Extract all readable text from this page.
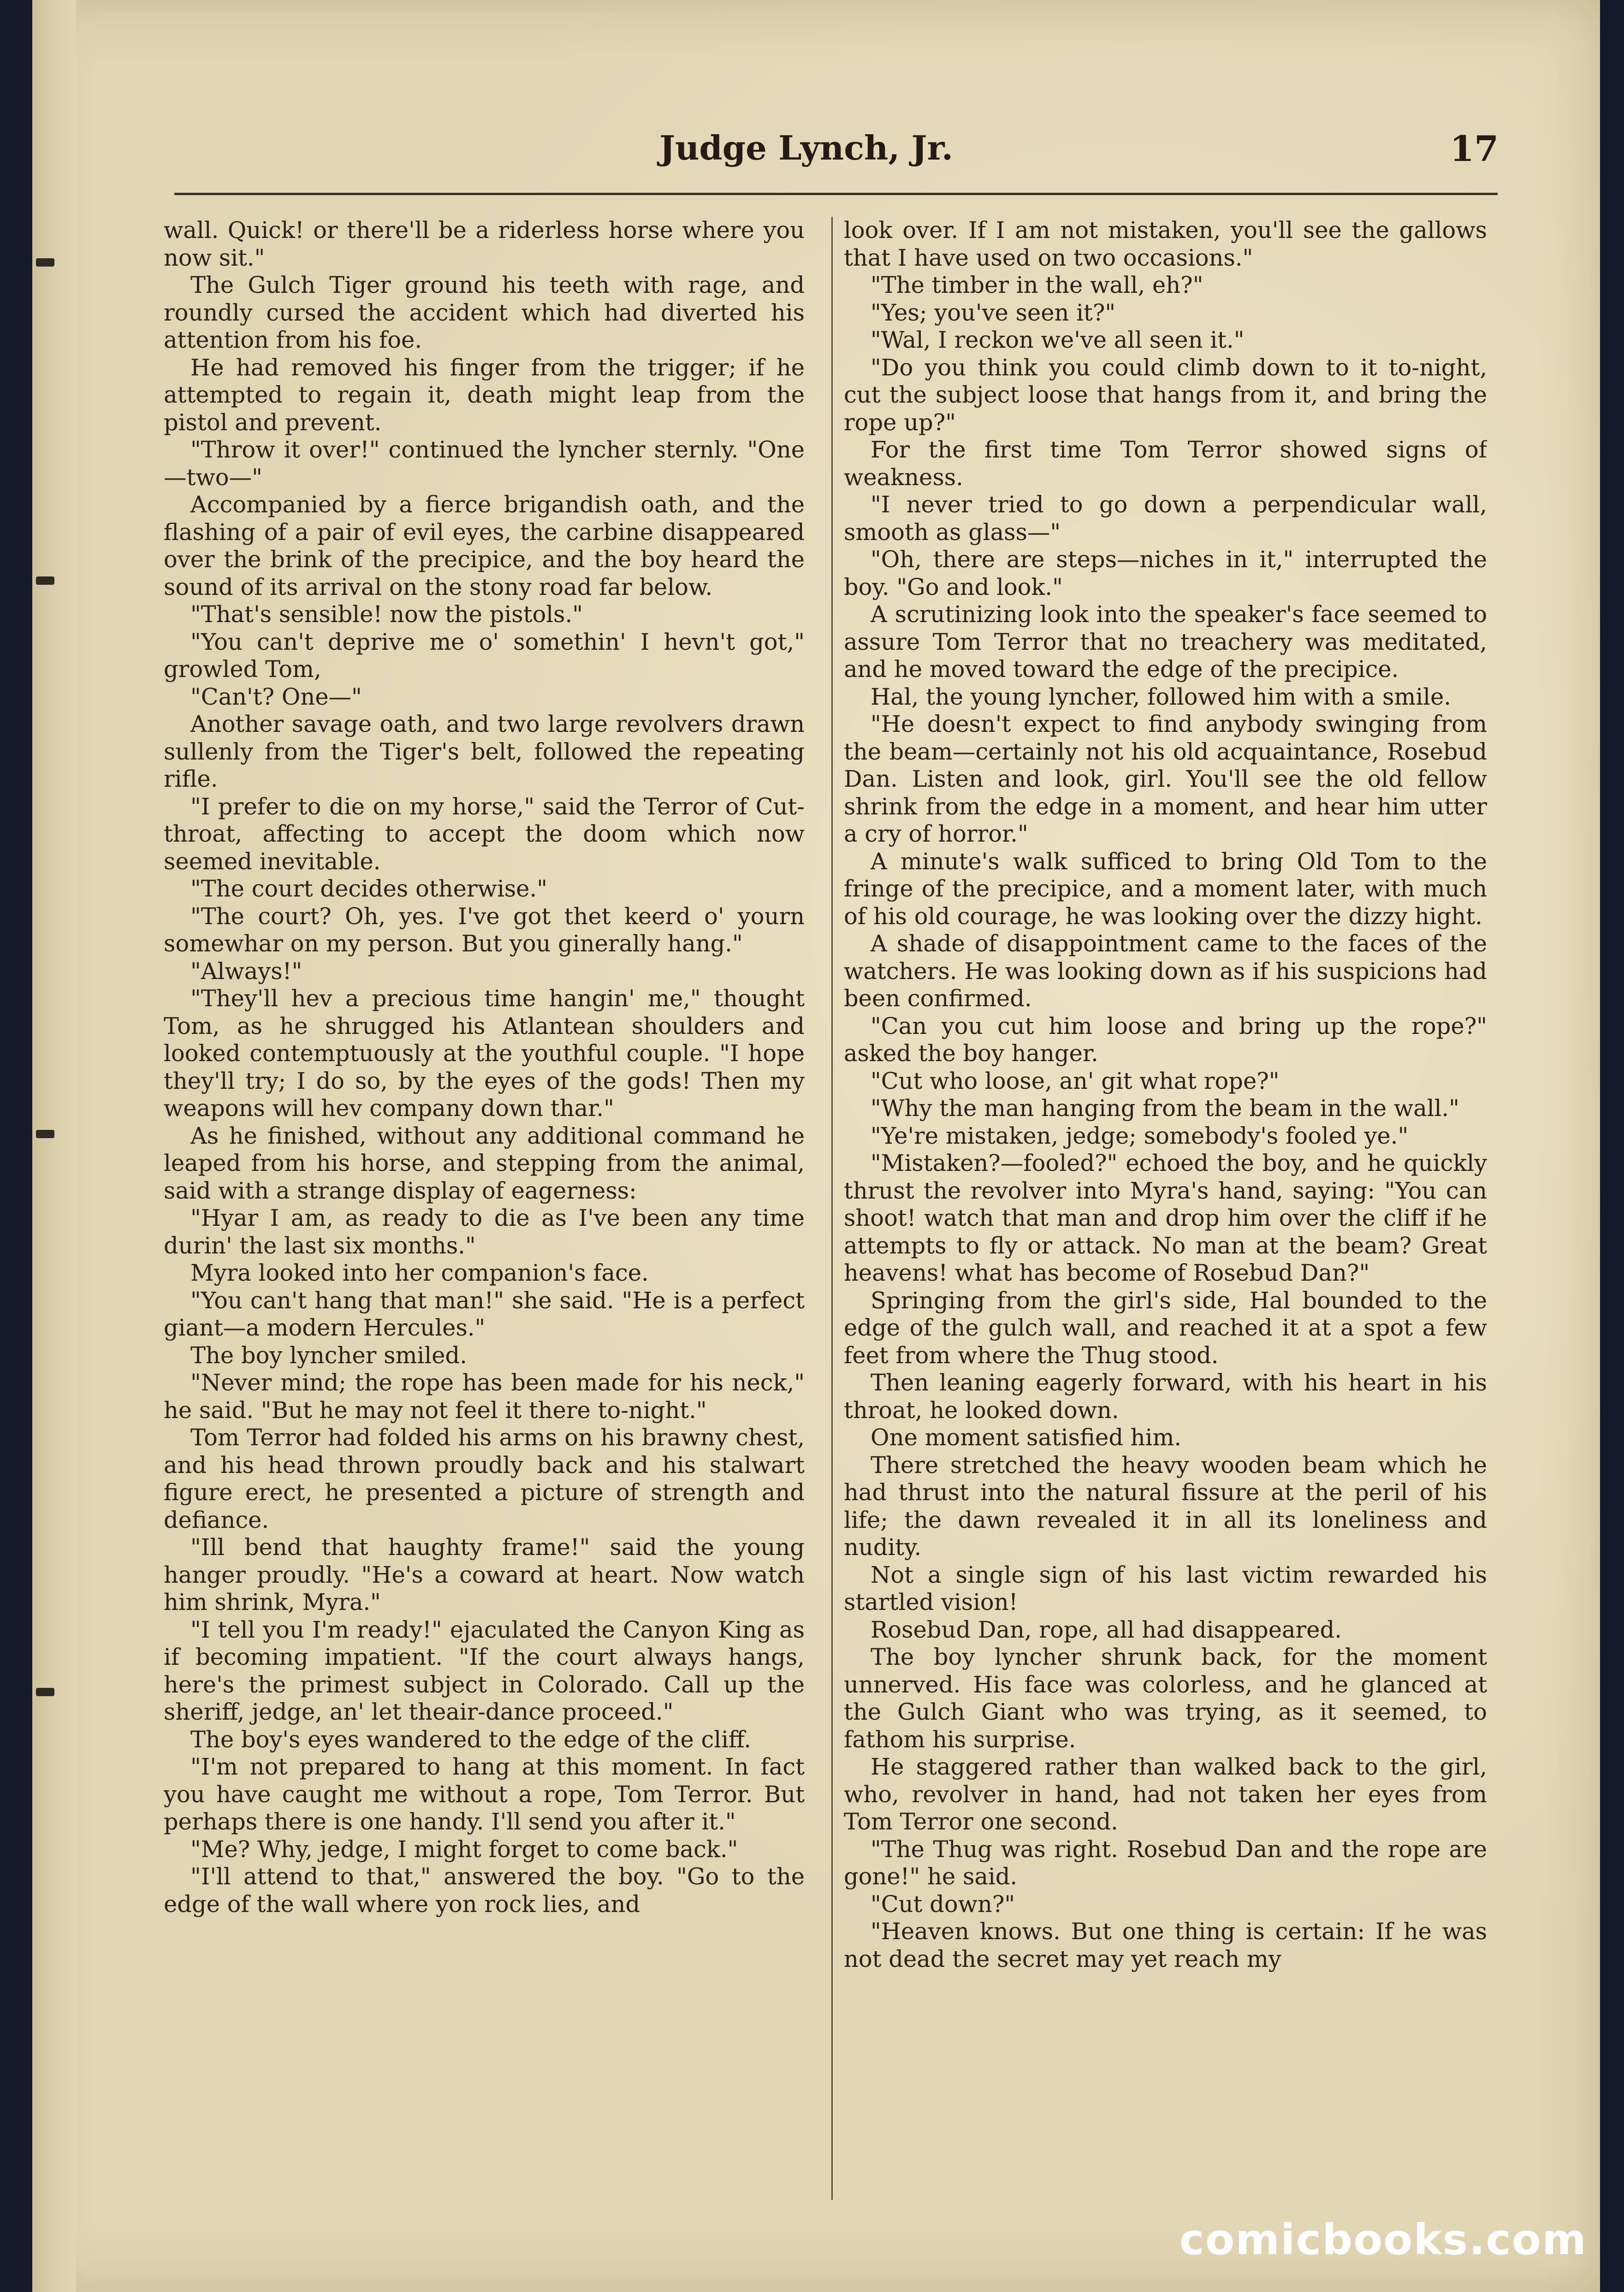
Judge Lynch, Jr.	17

wall. Quick! or there'll be a riderless horse where you now sit."

The Gulch Tiger ground his teeth with rage, and roundly cursed the accident which had diverted his attention from his foe.

He had removed his finger from the trigger; if he attempted to regain it, death might leap from the pistol and prevent.

"Throw it over!" continued the lyncher sternly. "One—two—"

Accompanied by a fierce brigandish oath, and the flashing of a pair of evil eyes, the carbine disappeared over the brink of the precipice, and the boy heard the sound of its arrival on the stony road far below.

"That's sensible! now the pistols."

"You can't deprive me o' somethin' I hevn't got," growled Tom,

"Can't? One—"

Another savage oath, and two large revolvers drawn sullenly from the Tiger's belt, followed the repeating rifle.

"I prefer to die on my horse," said the Terror of Cut-throat, affecting to accept the doom which now seemed inevitable.

"The court decides otherwise."

"The court? Oh, yes. I've got thet keerd o' yourn somewhar on my person. But you ginerally hang."

"Always!"

"They'll hev a precious time hangin' me," thought Tom, as he shrugged his Atlantean shoulders and looked contemptuously at the youthful couple. "I hope they'll try; I do so, by the eyes of the gods! Then my weapons will hev company down thar."

As he finished, without any additional command he leaped from his horse, and stepping from the animal, said with a strange display of eagerness:

"Hyar I am, as ready to die as I've been any time durin' the last six months."

Myra looked into her companion's face.

"You can't hang that man!" she said. "He is a perfect giant—a modern Hercules."

The boy lyncher smiled.

"Never mind; the rope has been made for his neck," he said. "But he may not feel it there to-night."

Tom Terror had folded his arms on his brawny chest, and his head thrown proudly back and his stalwart figure erect, he presented a picture of strength and defiance.

"Ill bend that haughty frame!" said the young hanger proudly. "He's a coward at heart. Now watch him shrink, Myra."

"I tell you I'm ready!" ejaculated the Canyon King as if becoming impatient. "If the court always hangs, here's the primest subject in Colorado. Call up the sheriff, jedge, an' let theair-dance proceed."

The boy's eyes wandered to the edge of the cliff.

"I'm not prepared to hang at this moment. In fact you have caught me without a rope, Tom Terror. But perhaps there is one handy. I'll send you after it."

"Me? Why, jedge, I might forget to come back."

"I'll attend to that," answered the boy. "Go to the edge of the wall where yon rock lies, and

look over. If I am not mistaken, you'll see the gallows that I have used on two occasions."

"The timber in the wall, eh?"

"Yes; you've seen it?"

"Wal, I reckon we've all seen it."

"Do you think you could climb down to it to-night, cut the subject loose that hangs from it, and bring the rope up?"

For the first time Tom Terror showed signs of weakness.

"I never tried to go down a perpendicular wall, smooth as glass—"

"Oh, there are steps—niches in it," interrupted the boy. "Go and look."

A scrutinizing look into the speaker's face seemed to assure Tom Terror that no treachery was meditated, and he moved toward the edge of the precipice.

Hal, the young lyncher, followed him with a smile.

"He doesn't expect to find anybody swinging from the beam—certainly not his old acquaintance, Rosebud Dan. Listen and look, girl. You'll see the old fellow shrink from the edge in a moment, and hear him utter a cry of horror."

A minute's walk sufficed to bring Old Tom to the fringe of the precipice, and a moment later, with much of his old courage, he was looking over the dizzy hight.

A shade of disappointment came to the faces of the watchers. He was looking down as if his suspicions had been confirmed.

"Can you cut him loose and bring up the rope?" asked the boy hanger.

"Cut who loose, an' git what rope?"

"Why the man hanging from the beam in the wall."

"Ye're mistaken, jedge; somebody's fooled ye."

"Mistaken?—fooled?" echoed the boy, and he quickly thrust the revolver into Myra's hand, saying: "You can shoot! watch that man and drop him over the cliff if he attempts to fly or attack. No man at the beam? Great heavens! what has become of Rosebud Dan?"

Springing from the girl's side, Hal bounded to the edge of the gulch wall, and reached it at a spot a few feet from where the Thug stood.

Then leaning eagerly forward, with his heart in his throat, he looked down.

One moment satisfied him.

There stretched the heavy wooden beam which he had thrust into the natural fissure at the peril of his life; the dawn revealed it in all its loneliness and nudity.

Not a single sign of his last victim rewarded his startled vision!

Rosebud Dan, rope, all had disappeared.

The boy lyncher shrunk back, for the moment unnerved. His face was colorless, and he glanced at the Gulch Giant who was trying, as it seemed, to fathom his surprise.

He staggered rather than walked back to the girl, who, revolver in hand, had not taken her eyes from Tom Terror one second.

"The Thug was right. Rosebud Dan and the rope are gone!" he said.

"Cut down?"

"Heaven knows. But one thing is certain: If he was not dead the secret may yet reach my

comicbooks.com
